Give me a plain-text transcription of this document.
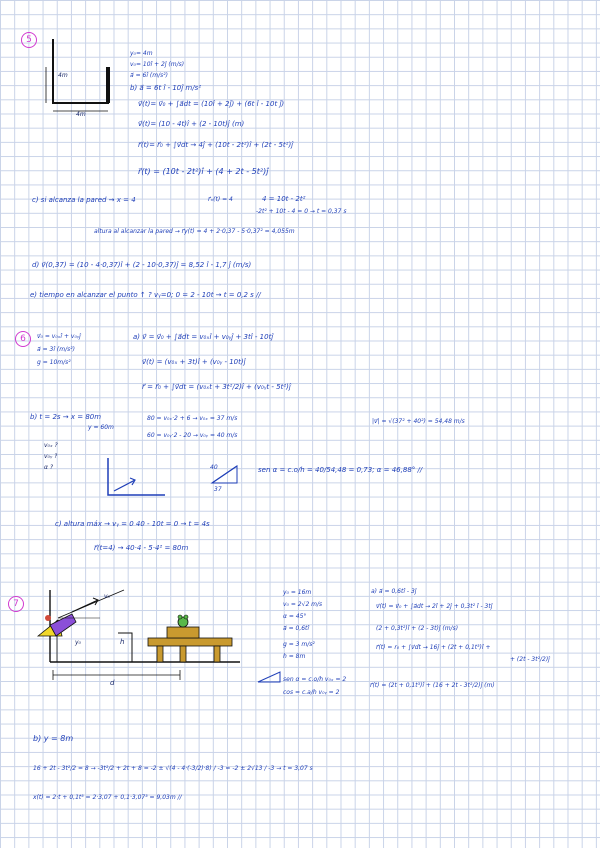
5
4m
4m
y₀= 4m
v₀= 10î + 2ĵ (m/s)
a⃗ = 6î (m/s²)
b) a⃗ = 6t î - 10ĵ m/s²
v⃗(t)= v⃗₀ + ∫a⃗dt = (10î + 2ĵ) + (6t î - 10t ĵ)
v⃗(t)= (10 - 4t)î + (2 - 10t)ĵ (m)
r⃗(t)= r⃗₀ + ∫v⃗dt → 4ĵ + (10t - 2t²)î + (2t - 5t²)ĵ
r⃗(t) = (10t - 2t²)î + (4 + 2t - 5t²)ĵ
c) si alcanza la pared → x = 4	r⃗ₓ(t) = 4	4 = 10t - 2t²
-2t² + 10t - 4 = 0 → t = 0,37 s
altura al alcanzar la pared → r⃗y(t) = 4 + 2·0,37 - 5·0,37² = 4,055m
d) v⃗(0,37) = (10 - 4·0,37)î + (2 - 10·0,37)ĵ = 8,52 î - 1,7 ĵ (m/s)
e) tiempo en alcanzar el punto ↑ ? vᵧ=0; 0 = 2 - 10t → t = 0,2 s //
6	v⃗₀ = v₀ₓî + v₀ᵧĵ
a⃗ = 3î (m/s²)
g = 10m/s²
a) v⃗ = v⃗₀ + ∫a⃗dt = v₀ₓî + v₀ᵧĵ + 3tî - 10tĵ
v⃗(t) = (v₀ₓ + 3t)î + (v₀ᵧ - 10t)ĵ
r⃗ = r⃗₀ + ∫v⃗dt = (v₀ₓt + 3t²/2)î + (v₀ᵧt - 5t²)ĵ
b) t = 2s → x = 80m
y = 60m
80 = v₀ₓ·2 + 6 → v₀ₓ = 37 m/s
60 = v₀ᵧ·2 - 20 → v₀ᵧ = 40 m/s
|v⃗| = √(37² + 40²) = 54,48 m/s
v₀ₓ ?
v₀ᵧ ?
α ?	40
37
sen α = c.o/h = 40/54,48 = 0,73; α = 46,88° //
c) altura máx → vᵧ = 0 40 - 10t = 0 → t = 4s
r⃗(t=4) → 40·4 - 5·4² = 80m
7
v₀
y₀	h
d
y₀ = 16m
v₀ = 2√2 m/s
α = 45°
a⃗ = 0,6tî
g = 3 m/s²
h = 8m
sen α = c.o/h v₀ₓ = 2
cos = c.a/h v₀ᵧ = 2
a) a⃗ = 0,6tî - 3ĵ
v⃗(t) = v⃗₀ + ∫a⃗dt → 2î + 2ĵ + 0,3t² î - 3tĵ
(2 + 0,3t²)î + (2 - 3t)ĵ (m/s)
r⃗(t) = r₀ + ∫v⃗dt → 16ĵ + (2t + 0,1t³)î +
+ (2t - 3t²/2)ĵ
r⃗(t) = (2t + 0,1t³)î + (16 + 2t - 3t²/2)ĵ (m)
b) y = 8m
16 + 2t - 3t²/2 = 8 → -3t²/2 + 2t + 8 = -2 ± √(4 - 4·(-3/2)·8) / -3 = -2 ± 2√13 / -3 → t = 3,07 s
x(t) = 2·t + 0,1t³ = 2·3,07 + 0,1·3,07³ = 9,03m //
